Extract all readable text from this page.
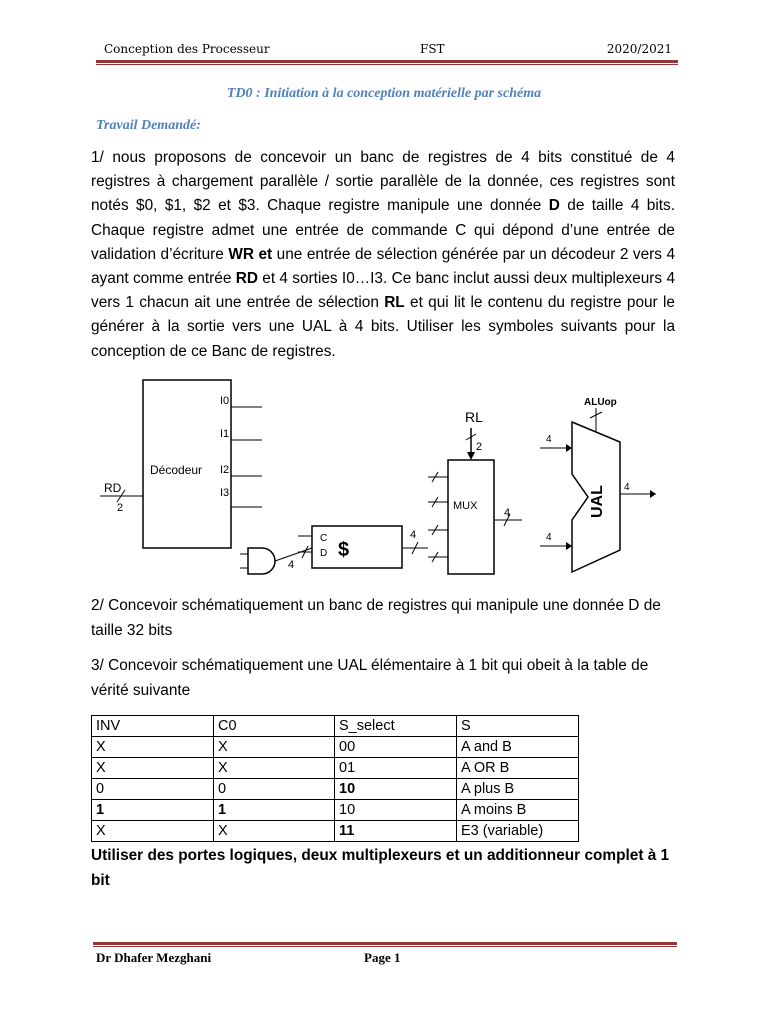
Conception des Processeur	FST	2020/2021
TD0 : Initiation à la conception matérielle par schéma
Travail Demandé:
1/ nous proposons de concevoir un banc de registres de 4 bits constitué de 4 registres à chargement parallèle / sortie parallèle de la donnée, ces registres sont notés $0, $1, $2 et $3. Chaque registre manipule une donnée D de taille 4 bits. Chaque registre admet une entrée de commande C qui dépond d’une entrée de validation d’écriture WR et une entrée de sélection générée par un décodeur 2 vers 4 ayant comme entrée RD et 4 sorties I0…I3. Ce banc inclut aussi deux multiplexeurs 4 vers 1 chacun ait une entrée de sélection RL et qui lit le contenu du registre pour le générer à la sortie vers une UAL à 4 bits. Utiliser les symboles suivants pour la conception de ce Banc de registres.
Décodeur
I0
I1
I2
I3
RD
2
4
C
D $
4
MUX
RL
2
4	UAL
ALUop
4
4
4
2/ Concevoir schématiquement un banc de registres qui manipule une donnée D de taille 32 bits
3/ Concevoir schématiquement une UAL élémentaire à 1 bit qui obeit à la table de vérité suivante
INV	C0	S_select	S
X	X	00	A and B
X	X	01	A OR B
0	0	10	A plus B
1	1	10	A moins B
X	X	11	E3 (variable)
Utiliser des portes logiques, deux multiplexeurs et un additionneur complet à 1 bit
Dr Dhafer Mezghani	Page 1
